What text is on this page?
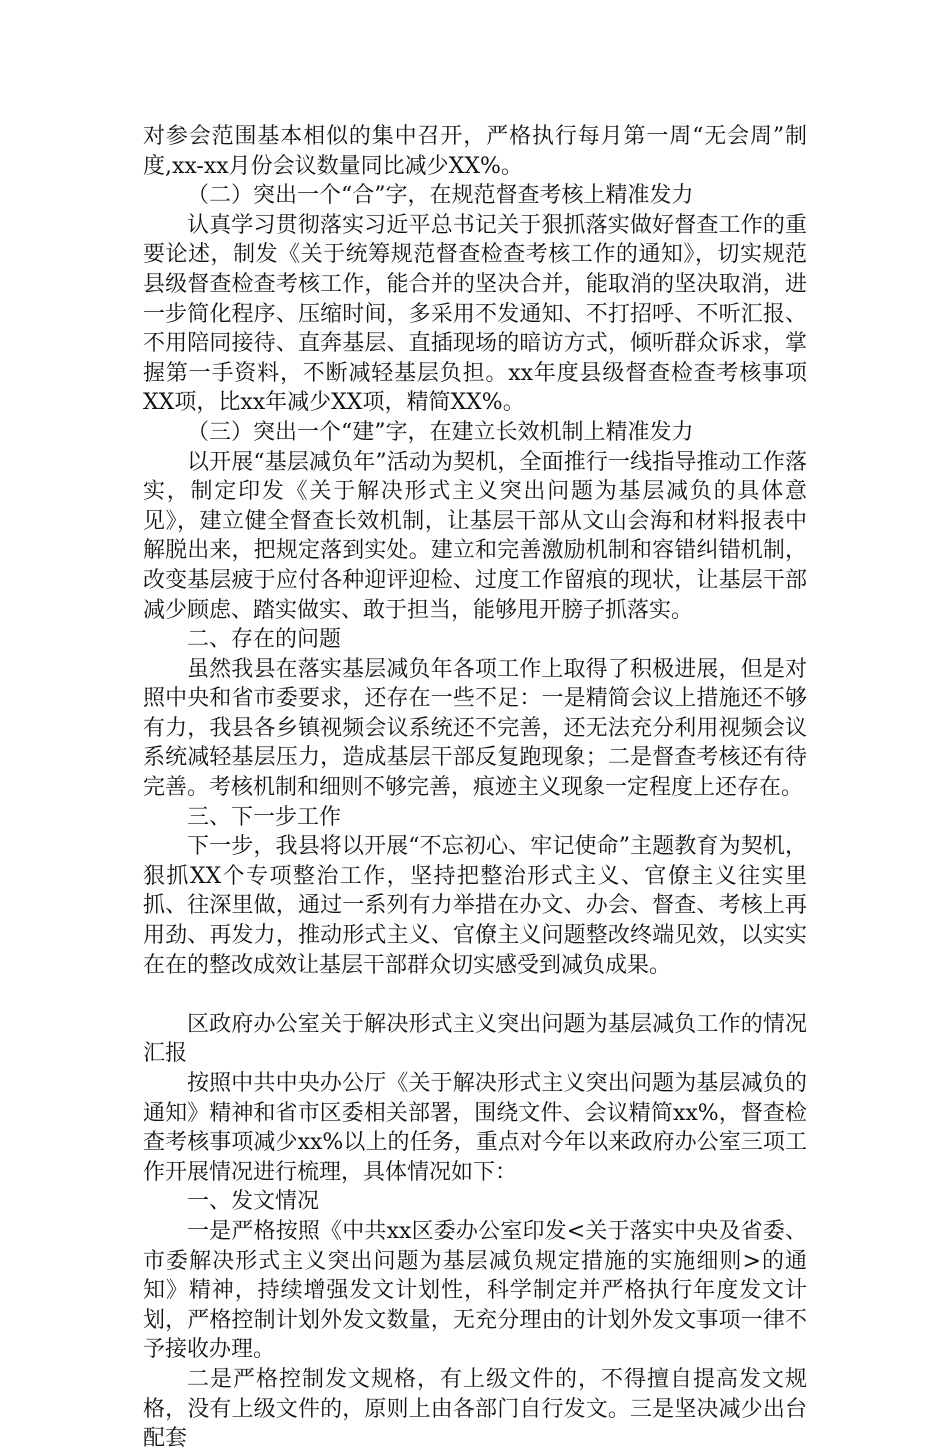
对参会范围基本相似的集中召开，严格执行每月第一周“无会周”制度,xx-xx月份会议数量同比减少XX%。

（二）突出一个“合”字，在规范督查考核上精准发力

认真学习贯彻落实习近平总书记关于狠抓落实做好督查工作的重要论述，制发《关于统筹规范督查检查考核工作的通知》，切实规范县级督查检查考核工作，能合并的坚决合并，能取消的坚决取消，进一步简化程序、压缩时间，多采用不发通知、不打招呼、不听汇报、不用陪同接待、直奔基层、直插现场的暗访方式，倾听群众诉求，掌握第一手资料，不断减轻基层负担。xx年度县级督查检查考核事项XX项，比xx年减少XX项，精简XX%。

（三）突出一个“建”字，在建立长效机制上精准发力

以开展“基层减负年”活动为契机，全面推行一线指导推动工作落实，制定印发《关于解决形式主义突出问题为基层减负的具体意见》，建立健全督查长效机制，让基层干部从文山会海和材料报表中解脱出来，把规定落到实处。建立和完善激励机制和容错纠错机制，改变基层疲于应付各种迎评迎检、过度工作留痕的现状，让基层干部减少顾虑、踏实做实、敢于担当，能够甩开膀子抓落实。

二、存在的问题

虽然我县在落实基层减负年各项工作上取得了积极进展，但是对照中央和省市委要求，还存在一些不足：一是精简会议上措施还不够有力，我县各乡镇视频会议系统还不完善，还无法充分利用视频会议系统减轻基层压力，造成基层干部反复跑现象；二是督查考核还有待完善。考核机制和细则不够完善，痕迹主义现象一定程度上还存在。

三、下一步工作

下一步，我县将以开展“不忘初心、牢记使命”主题教育为契机，狠抓XX个专项整治工作，坚持把整治形式主义、官僚主义往实里抓、往深里做，通过一系列有力举措在办文、办会、督查、考核上再用劲、再发力，推动形式主义、官僚主义问题整改终端见效，以实实在在的整改成效让基层干部群众切实感受到减负成果。

区政府办公室关于解决形式主义突出问题为基层减负工作的情况汇报

按照中共中央办公厅《关于解决形式主义突出问题为基层减负的通知》精神和省市区委相关部署，围绕文件、会议精简xx%，督查检查考核事项减少xx%以上的任务，重点对今年以来政府办公室三项工作开展情况进行梳理，具体情况如下：

一、发文情况

一是严格按照《中共xx区委办公室印发<关于落实中央及省委、市委解决形式主义突出问题为基层减负规定措施的实施细则>的通知》精神，持续增强发文计划性，科学制定并严格执行年度发文计划，严格控制计划外发文数量，无充分理由的计划外发文事项一律不予接收办理。

二是严格控制发文规格，有上级文件的，不得擅自提高发文规格，没有上级文件的，原则上由各部门自行发文。三是坚决减少出台配套
